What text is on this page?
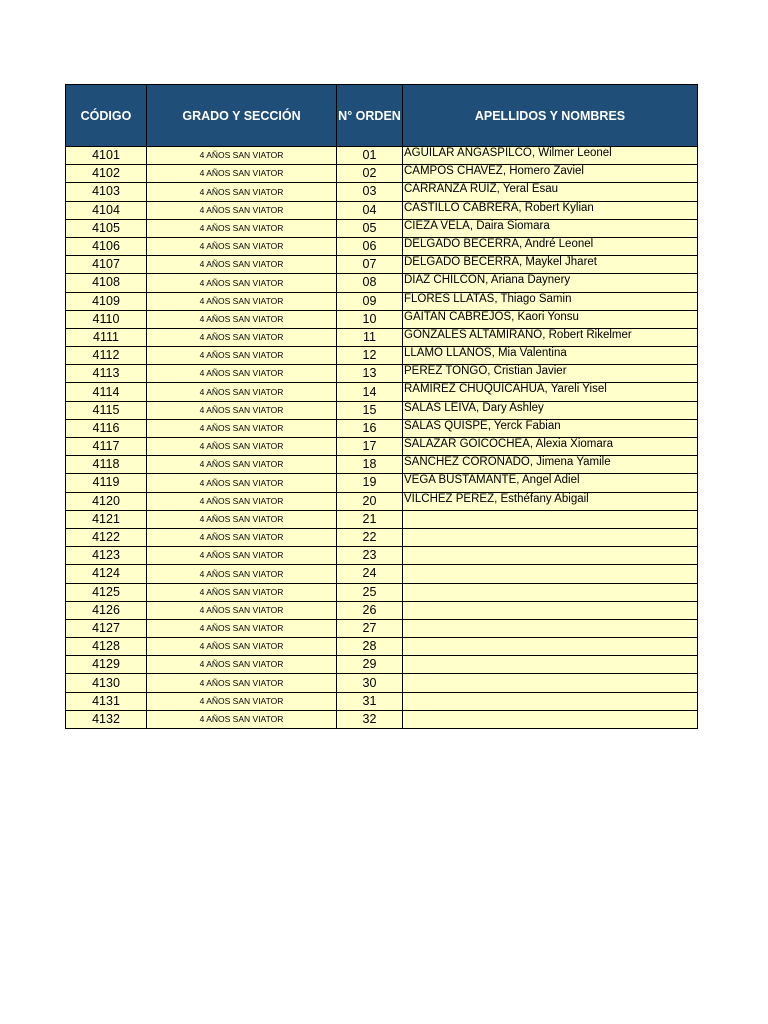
CÓDIGO	GRADO Y SECCIÓN	N° ORDEN	APELLIDOS Y NOMBRES
4101	4 AÑOS SAN VIATOR	01	AGUILAR ANGASPILCO, Wilmer Leonel
4102	4 AÑOS SAN VIATOR	02	CAMPOS CHAVEZ, Homero Zaviel
4103	4 AÑOS SAN VIATOR	03	CARRANZA RUIZ, Yeral Esau
4104	4 AÑOS SAN VIATOR	04	CASTILLO CABRERA, Robert Kylian
4105	4 AÑOS SAN VIATOR	05	CIEZA VELA, Daira Siomara
4106	4 AÑOS SAN VIATOR	06	DELGADO BECERRA, André Leonel
4107	4 AÑOS SAN VIATOR	07	DELGADO BECERRA, Maykel Jharet
4108	4 AÑOS SAN VIATOR	08	DIAZ CHILCON, Ariana Daynery
4109	4 AÑOS SAN VIATOR	09	FLORES LLATAS, Thiago Samin
4110	4 AÑOS SAN VIATOR	10	GAITAN CABREJOS, Kaori Yonsu
4111	4 AÑOS SAN VIATOR	11	GONZALES ALTAMIRANO, Robert Rikelmer
4112	4 AÑOS SAN VIATOR	12	LLAMO LLANOS, Mia Valentina
4113	4 AÑOS SAN VIATOR	13	PEREZ TONGO, Cristian Javier
4114	4 AÑOS SAN VIATOR	14	RAMIREZ CHUQUICAHUA, Yareli Yisel
4115	4 AÑOS SAN VIATOR	15	SALAS LEIVA, Dary Ashley
4116	4 AÑOS SAN VIATOR	16	SALAS QUISPE, Yerck Fabian
4117	4 AÑOS SAN VIATOR	17	SALAZAR GOICOCHEA, Alexia Xiomara
4118	4 AÑOS SAN VIATOR	18	SANCHEZ CORONADO, Jimena Yamile
4119	4 AÑOS SAN VIATOR	19	VEGA BUSTAMANTE, Angel Adiel
4120	4 AÑOS SAN VIATOR	20	VILCHEZ PEREZ, Esthéfany Abigail
4121	4 AÑOS SAN VIATOR	21	
4122	4 AÑOS SAN VIATOR	22	
4123	4 AÑOS SAN VIATOR	23	
4124	4 AÑOS SAN VIATOR	24	
4125	4 AÑOS SAN VIATOR	25	
4126	4 AÑOS SAN VIATOR	26	
4127	4 AÑOS SAN VIATOR	27	
4128	4 AÑOS SAN VIATOR	28	
4129	4 AÑOS SAN VIATOR	29	
4130	4 AÑOS SAN VIATOR	30	
4131	4 AÑOS SAN VIATOR	31	
4132	4 AÑOS SAN VIATOR	32	
